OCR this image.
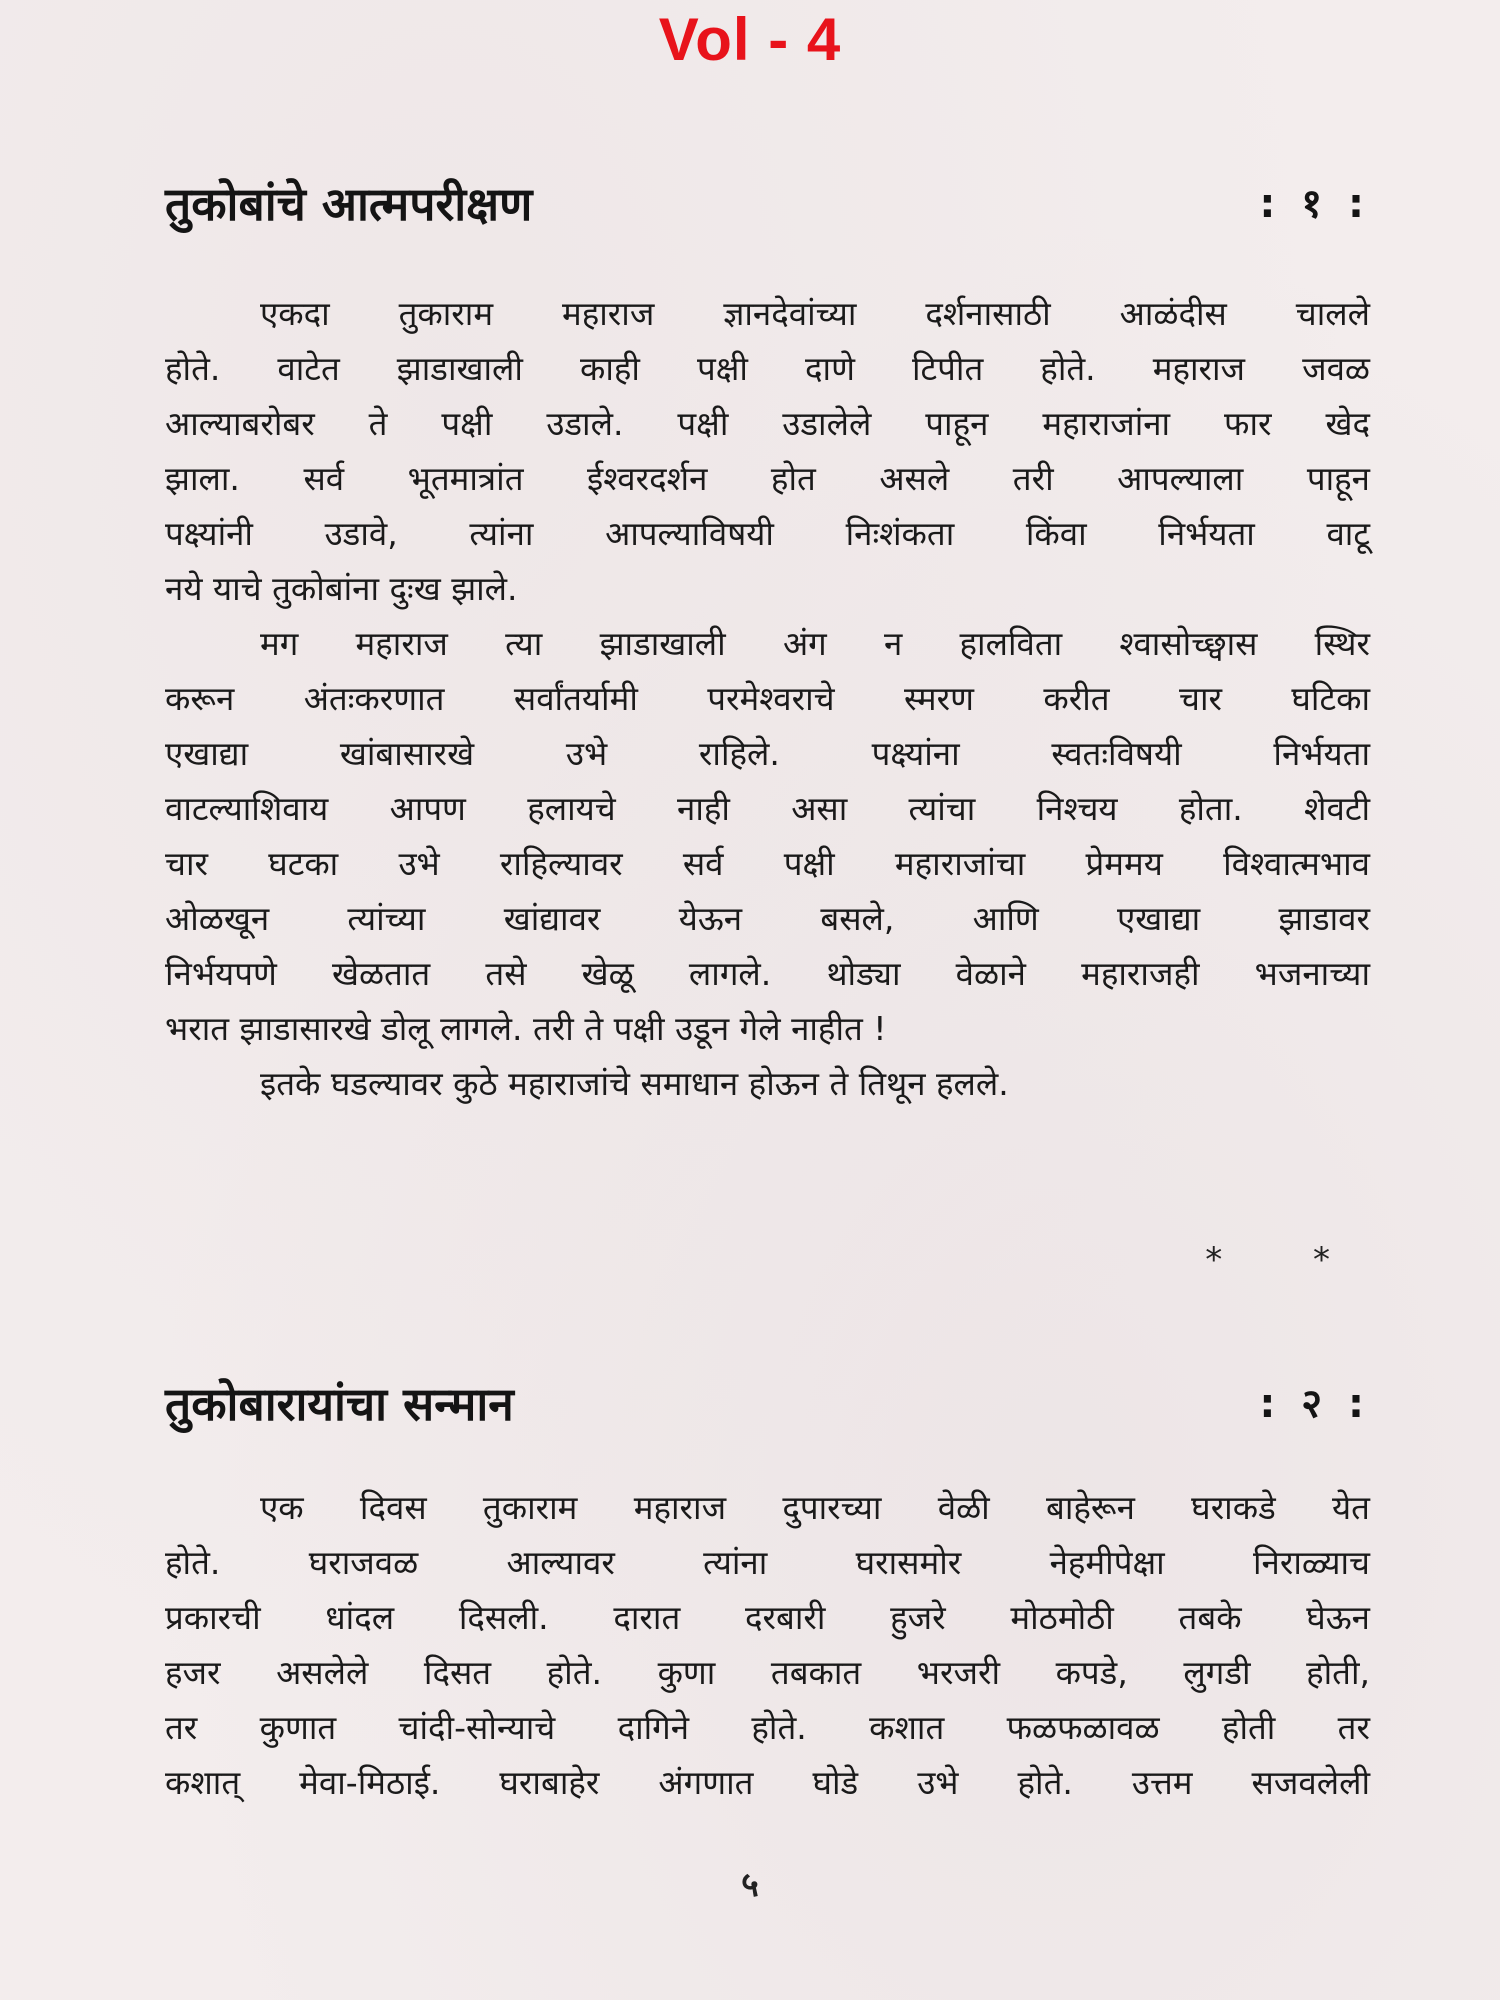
Vol - 4
तुकोबांचे आत्मपरीक्षण	: १ :
एकदा तुकाराम महाराज ज्ञानदेवांच्या दर्शनासाठी आळंदीस चालले
होते. वाटेत झाडाखाली काही पक्षी दाणे टिपीत होते. महाराज जवळ
आल्याबरोबर ते पक्षी उडाले. पक्षी उडालेले पाहून महाराजांना फार खेद
झाला. सर्व भूतमात्रांत ईश्वरदर्शन होत असले तरी आपल्याला पाहून
पक्ष्यांनी उडावे, त्यांना आपल्याविषयी निःशंकता किंवा निर्भयता वाटू
नये याचे तुकोबांना दुःख झाले.
मग महाराज त्या झाडाखाली अंग न हालविता श्वासोच्छ्वास स्थिर
करून अंतःकरणात सर्वांतर्यामी परमेश्वराचे स्मरण करीत चार घटिका
एखाद्या खांबासारखे उभे राहिले. पक्ष्यांना स्वतःविषयी निर्भयता
वाटल्याशिवाय आपण हलायचे नाही असा त्यांचा निश्चय होता. शेवटी
चार घटका उभे राहिल्यावर सर्व पक्षी महाराजांचा प्रेममय विश्वात्मभाव
ओळखून त्यांच्या खांद्यावर येऊन बसले, आणि एखाद्या झाडावर
निर्भयपणे खेळतात तसे खेळू लागले. थोड्या वेळाने महाराजही भजनाच्या
भरात झाडासारखे डोलू लागले. तरी ते पक्षी उडून गेले नाहीत !
इतके घडल्यावर कुठे महाराजांचे समाधान होऊन ते तिथून हलले.
* *
तुकोबारायांचा सन्मान	: २ :
एक दिवस तुकाराम महाराज दुपारच्या वेळी बाहेरून घराकडे येत
होते. घराजवळ आल्यावर त्यांना घरासमोर नेहमीपेक्षा निराळ्याच
प्रकारची धांदल दिसली. दारात दरबारी हुजरे मोठमोठी तबके घेऊन
हजर असलेले दिसत होते. कुणा तबकात भरजरी कपडे, लुगडी होती,
तर कुणात चांदी-सोन्याचे दागिने होते. कशात फळफळावळ होती तर
कशात् मेवा-मिठाई. घराबाहेर अंगणात घोडे उभे होते. उत्तम सजवलेली
५
